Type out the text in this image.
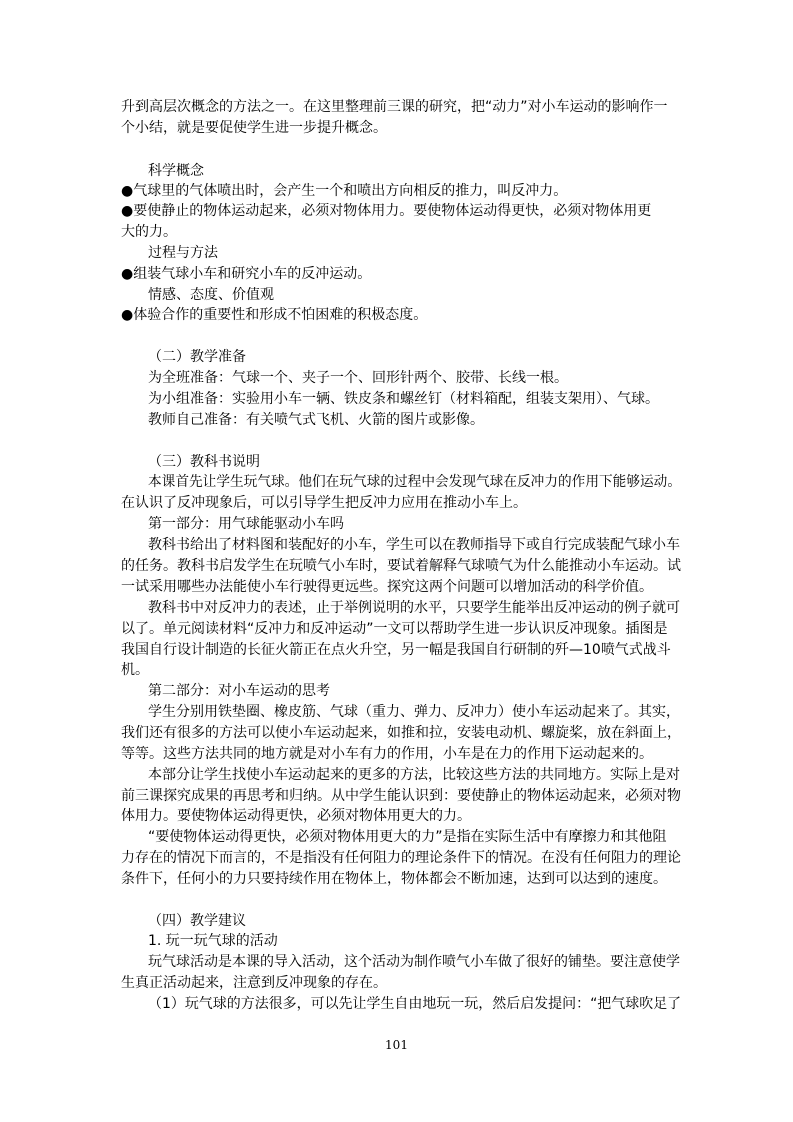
升到高层次概念的方法之一。在这里整理前三课的研究，把“动力”对小车运动的影响作一
个小结，就是要促使学生进一步提升概念。
科学概念
●气球里的气体喷出时，会产生一个和喷出方向相反的推力，叫反冲力。
●要使静止的物体运动起来，必须对物体用力。要使物体运动得更快，必须对物体用更
大的力。
过程与方法
●组装气球小车和研究小车的反冲运动。
情感、态度、价值观
●体验合作的重要性和形成不怕困难的积极态度。
（二）教学准备
为全班准备：气球一个、夹子一个、回形针两个、胶带、长线一根。
为小组准备：实验用小车一辆、铁皮条和螺丝钉（材料箱配，组装支架用）、气球。
教师自己准备：有关喷气式飞机、火箭的图片或影像。
（三）教科书说明
本课首先让学生玩气球。他们在玩气球的过程中会发现气球在反冲力的作用下能够运动。
在认识了反冲现象后，可以引导学生把反冲力应用在推动小车上。
第一部分：用气球能驱动小车吗
教科书给出了材料图和装配好的小车，学生可以在教师指导下或自行完成装配气球小车
的任务。教科书启发学生在玩喷气小车时，要试着解释气球喷气为什么能推动小车运动。试
一试采用哪些办法能使小车行驶得更远些。探究这两个问题可以增加活动的科学价值。
教科书中对反冲力的表述，止于举例说明的水平，只要学生能举出反冲运动的例子就可
以了。单元阅读材料“反冲力和反冲运动”一文可以帮助学生进一步认识反冲现象。插图是
我国自行设计制造的长征火箭正在点火升空，另一幅是我国自行研制的歼—10喷气式战斗
机。
第二部分：对小车运动的思考
学生分别用铁垫圈、橡皮筋、气球（重力、弹力、反冲力）使小车运动起来了。其实，
我们还有很多的方法可以使小车运动起来，如推和拉，安装电动机、螺旋桨，放在斜面上，
等等。这些方法共同的地方就是对小车有力的作用，小车是在力的作用下运动起来的。
本部分让学生找使小车运动起来的更多的方法，比较这些方法的共同地方。实际上是对
前三课探究成果的再思考和归纳。从中学生能认识到：要使静止的物体运动起来，必须对物
体用力。要使物体运动得更快，必须对物体用更大的力。
“要使物体运动得更快，必须对物体用更大的力”是指在实际生活中有摩擦力和其他阻
力存在的情况下而言的，不是指没有任何阻力的理论条件下的情况。在没有任何阻力的理论
条件下，任何小的力只要持续作用在物体上，物体都会不断加速，达到可以达到的速度。
（四）教学建议
1. 玩一玩气球的活动
玩气球活动是本课的导入活动，这个活动为制作喷气小车做了很好的铺垫。要注意使学
生真正活动起来，注意到反冲现象的存在。
（1）玩气球的方法很多，可以先让学生自由地玩一玩，然后启发提问：“把气球吹足了
101
